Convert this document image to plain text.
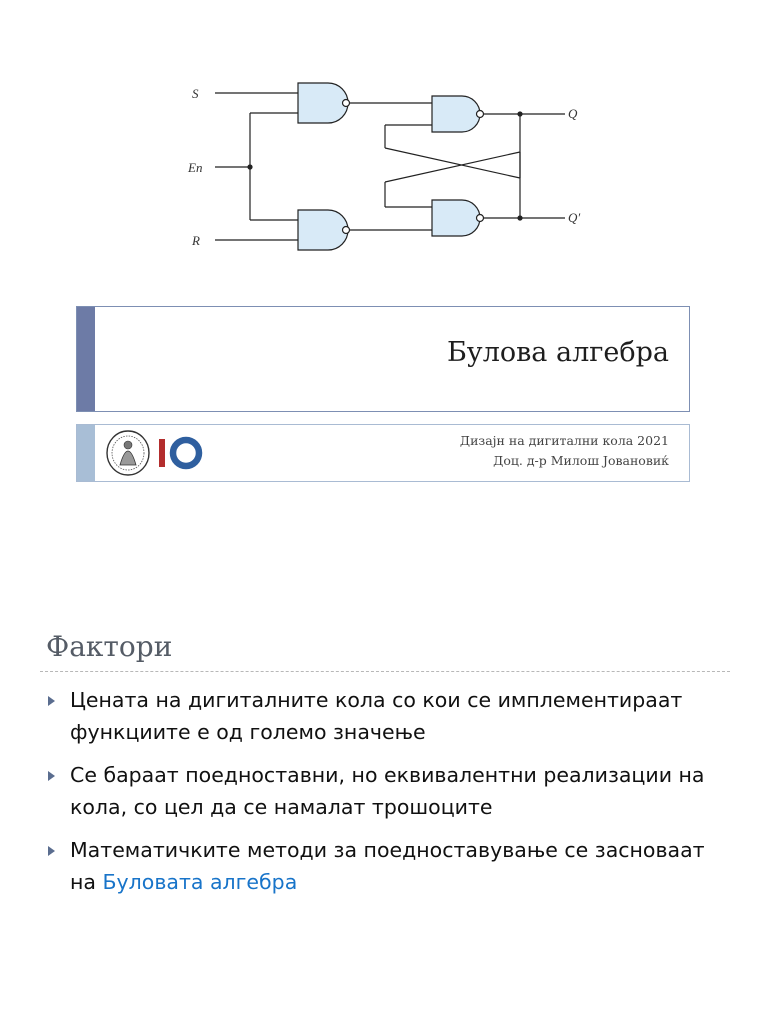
S
En
R
Q
Q′
Булова алгебра
Дизајн на дигитални кола 2021
Доц. д-р Милош Јовановиќ
Фактори
Цената на дигиталните кола со кои се имплементираат функциите е од големо значење
Се бараат поедноставни, но еквивалентни реализации на кола, со цел да се намалат трошоците
Математичките методи за поедноставување се засноваат на Булoвата алгебра
